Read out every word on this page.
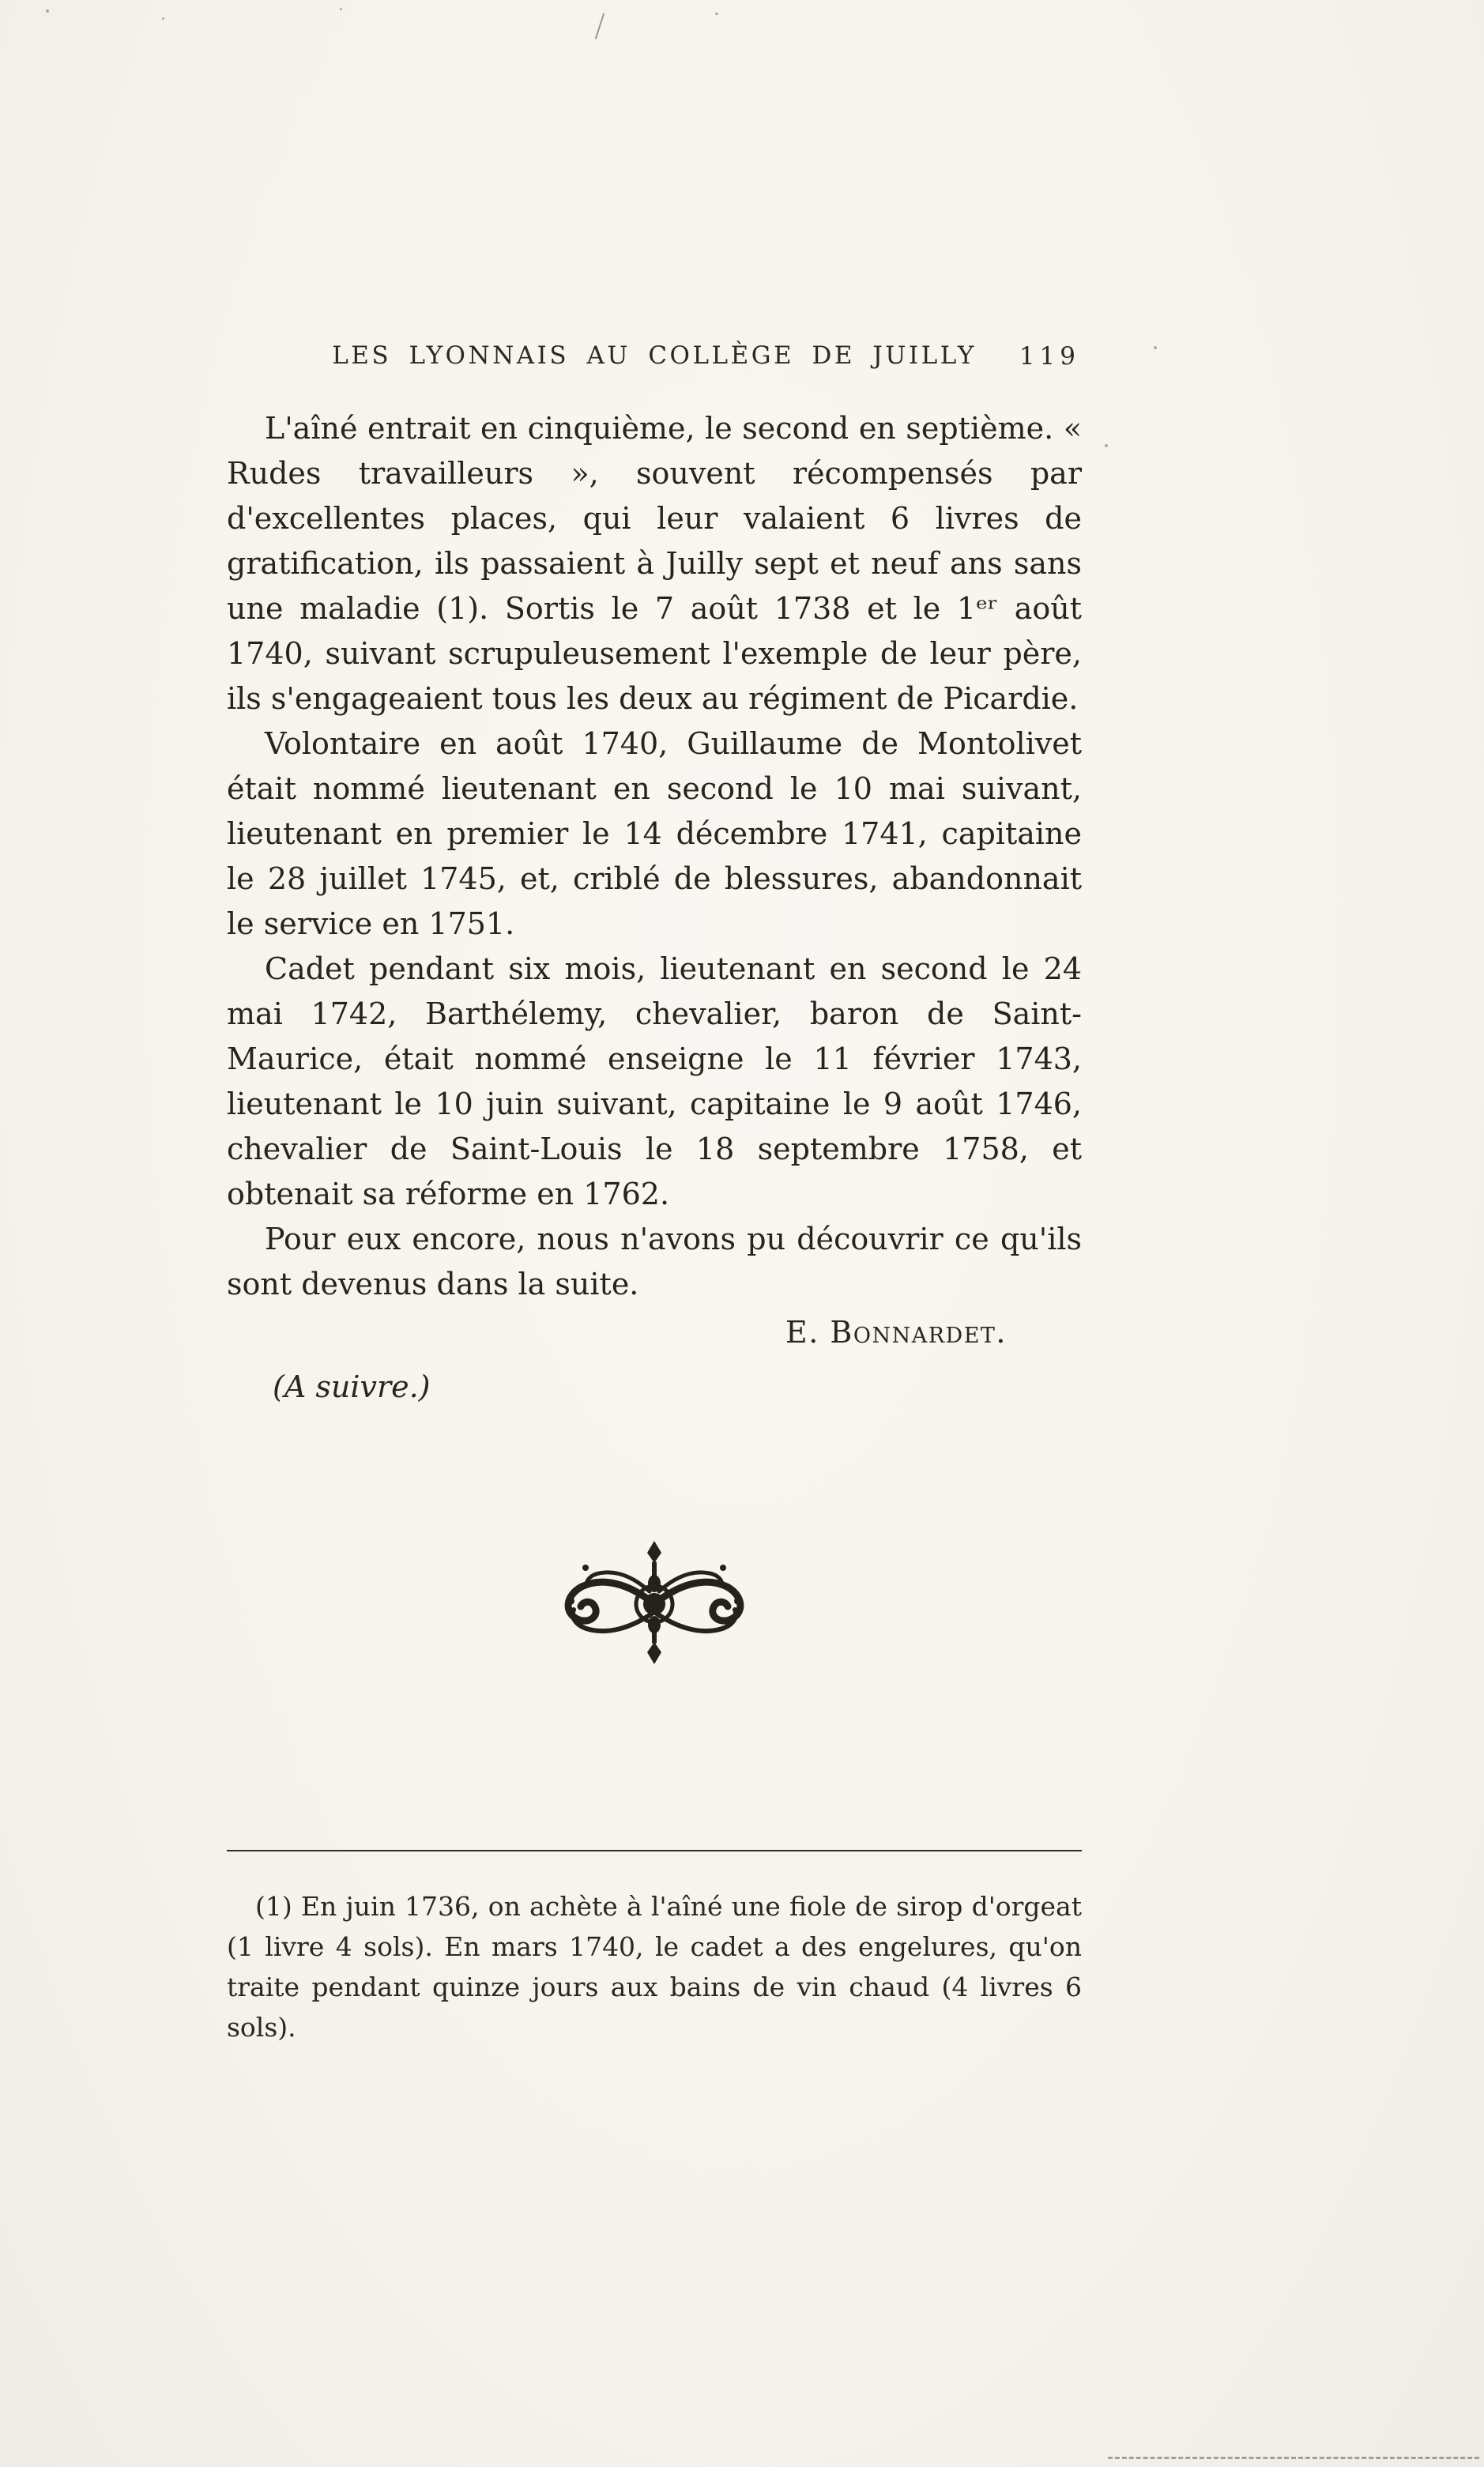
LES LYONNAIS AU COLLÈGE DE JUILLY 119

L'aîné entrait en cinquième, le second en septième. « Rudes travailleurs », souvent récompensés par d'excellentes places, qui leur valaient 6 livres de gratification, ils passaient à Juilly sept et neuf ans sans une maladie (1). Sortis le 7 août 1738 et le 1ᵉʳ août 1740, suivant scrupuleusement l'exemple de leur père, ils s'engageaient tous les deux au régiment de Picardie.

Volontaire en août 1740, Guillaume de Montolivet était nommé lieutenant en second le 10 mai suivant, lieutenant en premier le 14 décembre 1741, capitaine le 28 juillet 1745, et, criblé de blessures, abandonnait le service en 1751.

Cadet pendant six mois, lieutenant en second le 24 mai 1742, Barthélemy, chevalier, baron de Saint-Maurice, était nommé enseigne le 11 février 1743, lieutenant le 10 juin suivant, capitaine le 9 août 1746, chevalier de Saint-Louis le 18 septembre 1758, et obtenait sa réforme en 1762.

Pour eux encore, nous n'avons pu découvrir ce qu'ils sont devenus dans la suite.

E. Bonnardet.
(A suivre.)

(1) En juin 1736, on achète à l'aîné une fiole de sirop d'orgeat (1 livre 4 sols). En mars 1740, le cadet a des engelures, qu'on traite pendant quinze jours aux bains de vin chaud (4 livres 6 sols).
